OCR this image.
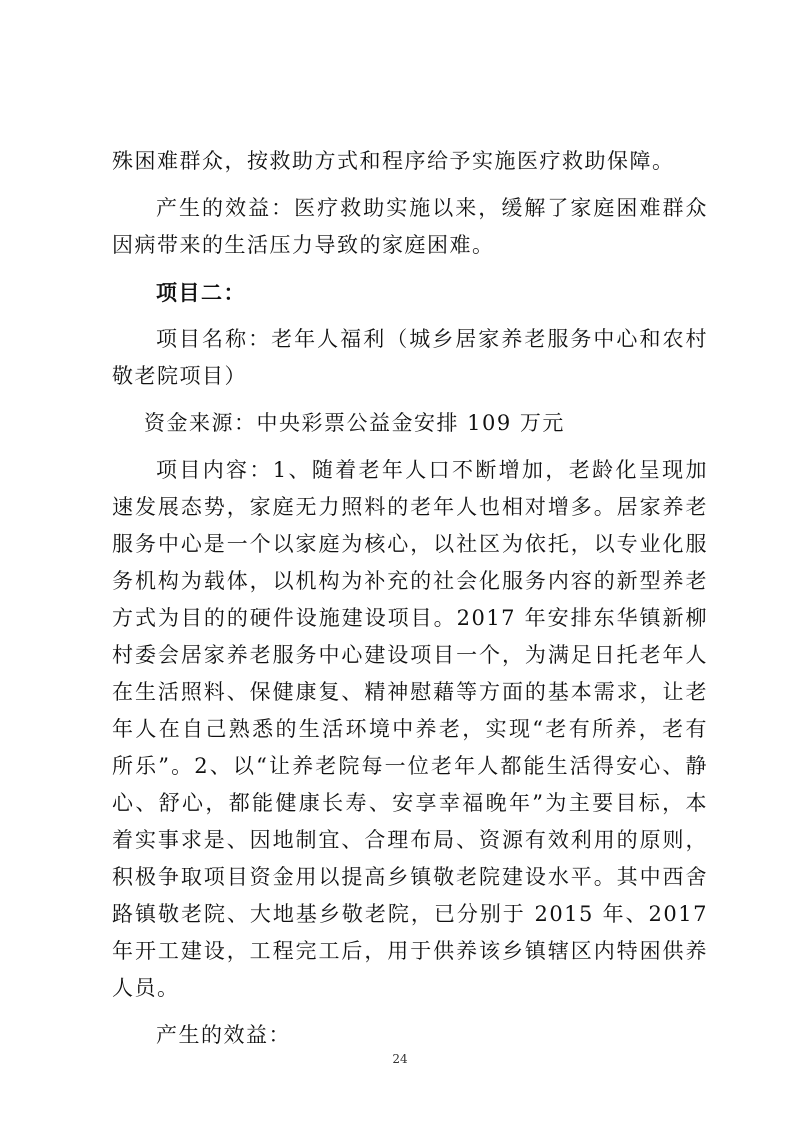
殊困难群众，按救助方式和程序给予实施医疗救助保障。

产生的效益：医疗救助实施以来，缓解了家庭困难群众因病带来的生活压力导致的家庭困难。

项目二：

项目名称：老年人福利（城乡居家养老服务中心和农村敬老院项目）

资金来源：中央彩票公益金安排 109 万元

项目内容：1、随着老年人口不断增加，老龄化呈现加速发展态势，家庭无力照料的老年人也相对增多。居家养老服务中心是一个以家庭为核心，以社区为依托，以专业化服务机构为载体，以机构为补充的社会化服务内容的新型养老方式为目的的硬件设施建设项目。2017 年安排东华镇新柳村委会居家养老服务中心建设项目一个，为满足日托老年人在生活照料、保健康复、精神慰藉等方面的基本需求，让老年人在自己熟悉的生活环境中养老，实现“老有所养，老有所乐”。2、以“让养老院每一位老年人都能生活得安心、静心、舒心，都能健康长寿、安享幸福晚年”为主要目标，本着实事求是、因地制宜、合理布局、资源有效利用的原则，积极争取项目资金用以提高乡镇敬老院建设水平。其中西舍路镇敬老院、大地基乡敬老院，已分别于 2015 年、2017 年开工建设，工程完工后，用于供养该乡镇辖区内特困供养人员。

产生的效益：

24
